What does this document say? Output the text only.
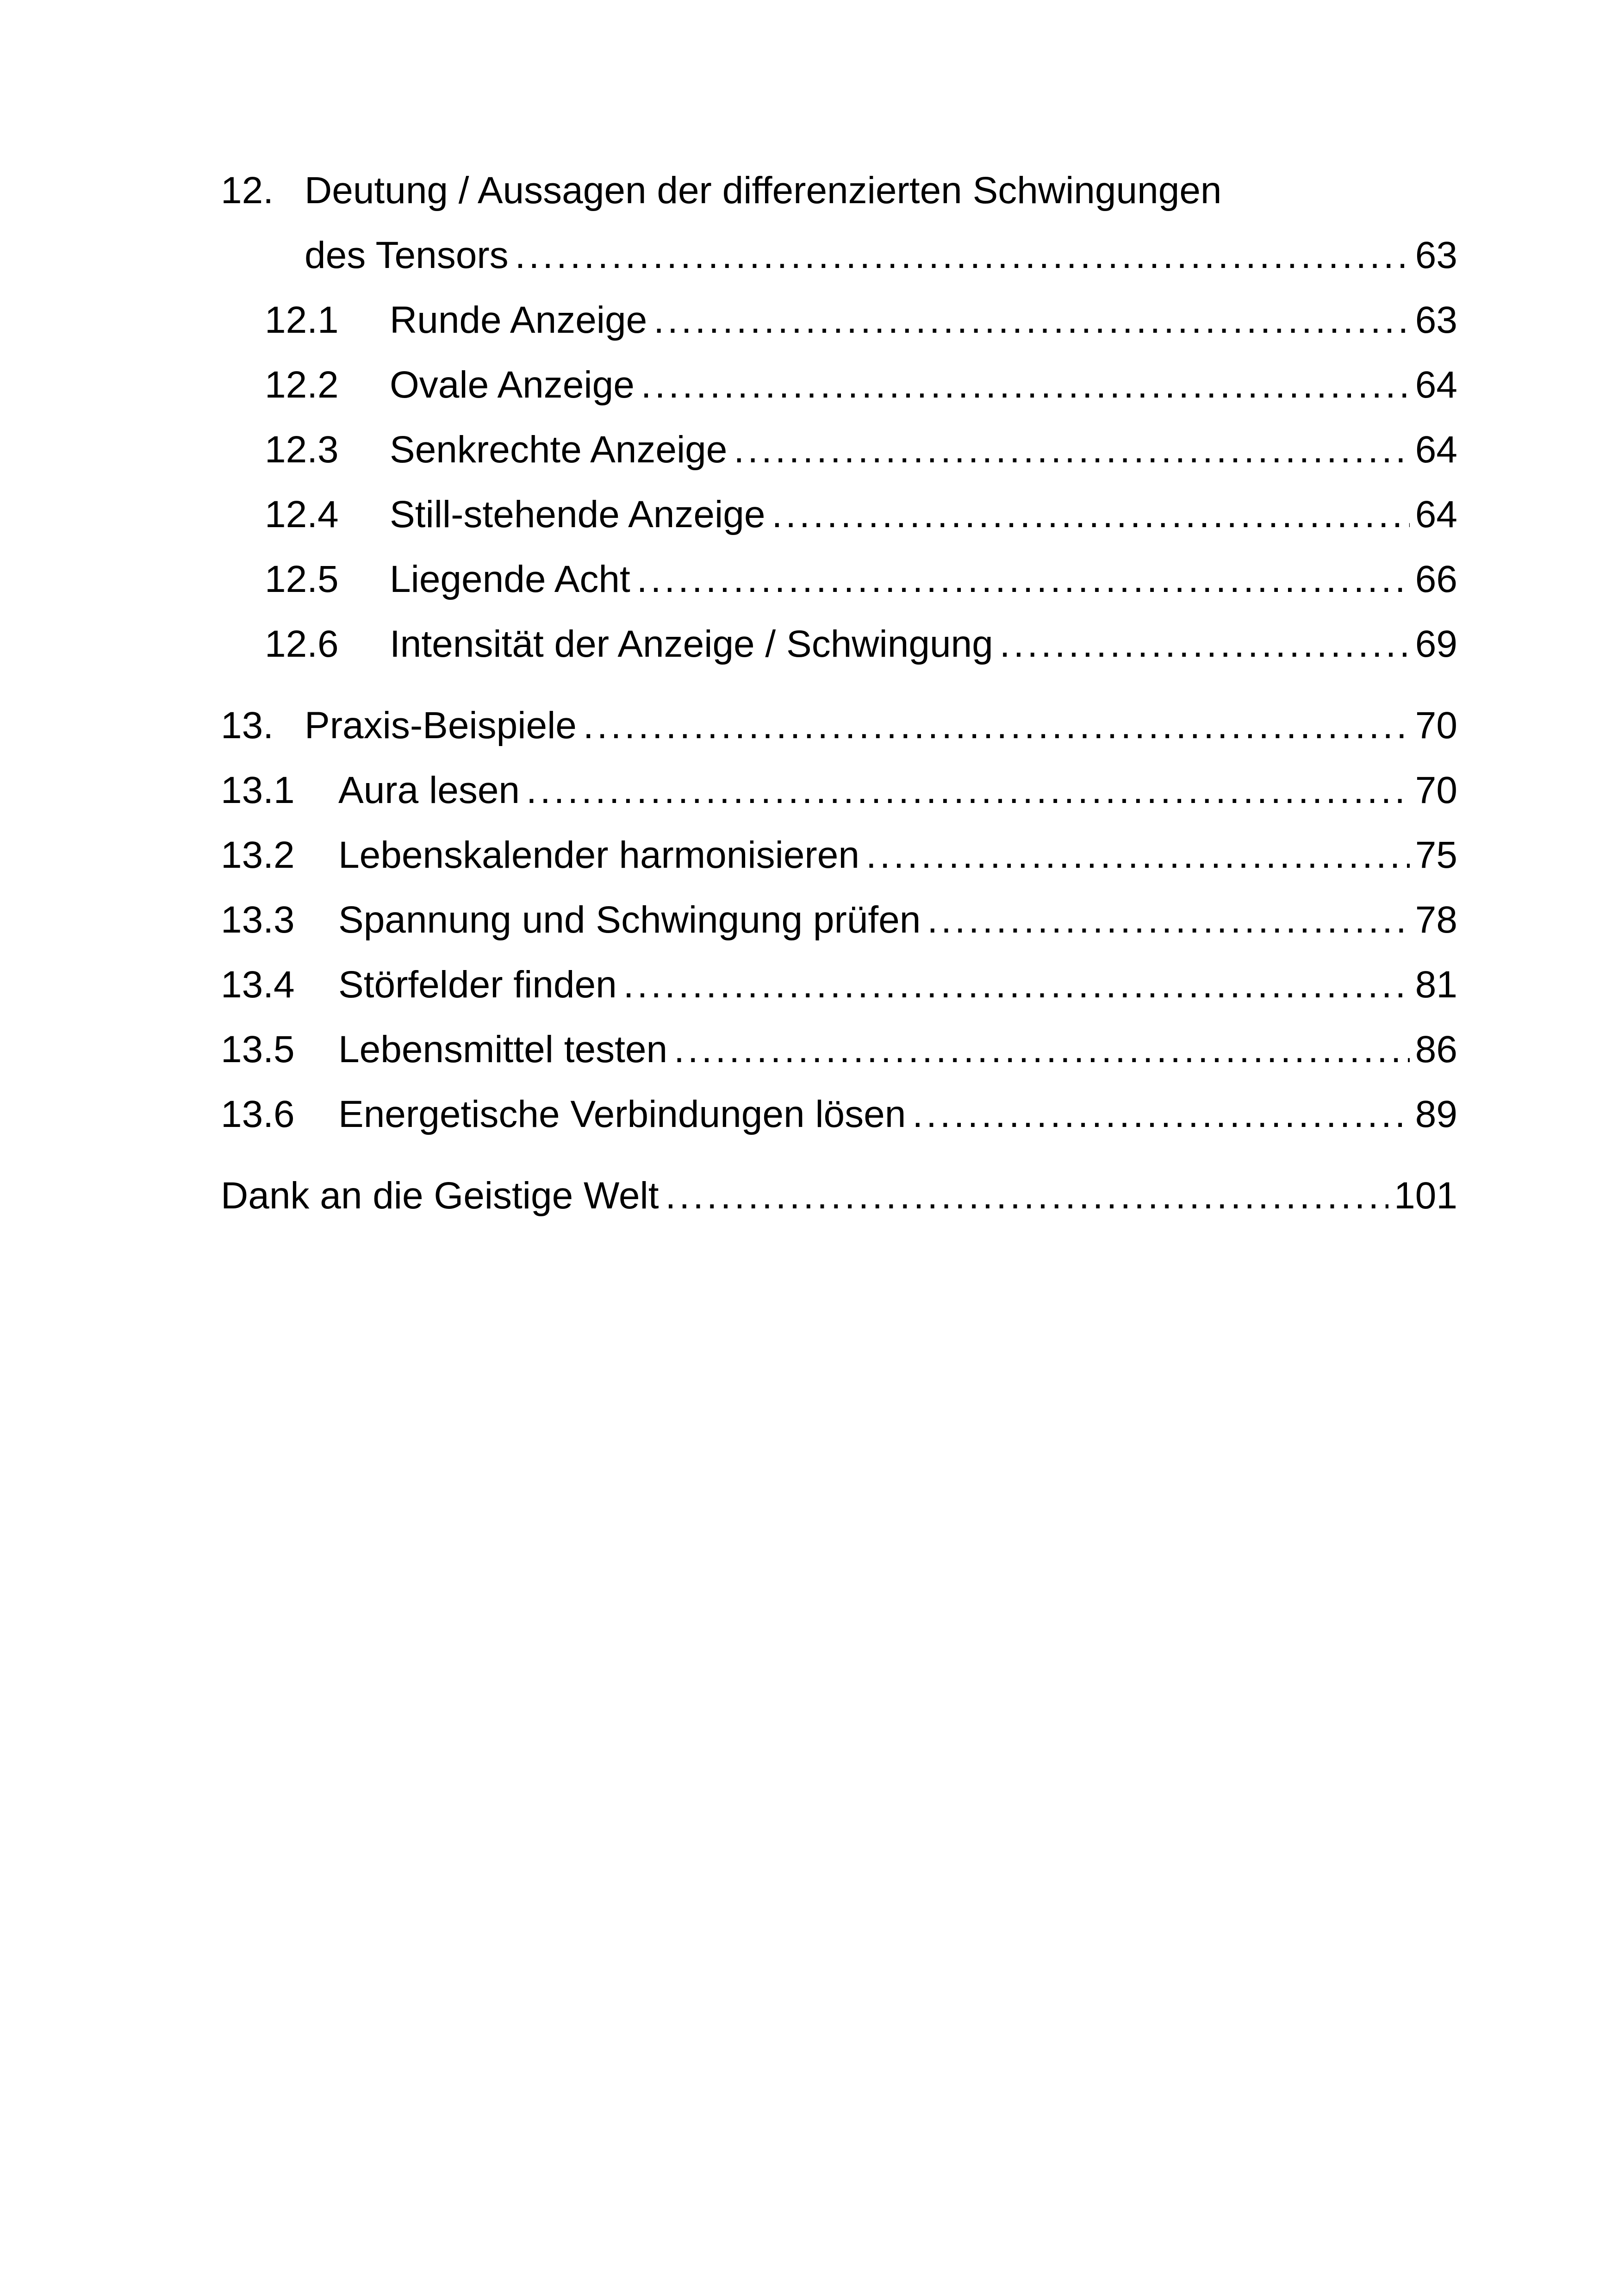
12. Deutung / Aussagen der differenzierten Schwingungen
des Tensors .....	63
12.1	Runde Anzeige .....	63
12.2	Ovale Anzeige .....	64
12.3	Senkrechte Anzeige .....	64
12.4	Still-stehende Anzeige .....	64
12.5	Liegende Acht .....	66
12.6	Intensität der Anzeige / Schwingung .....	69
13. Praxis-Beispiele .....	70
13.1	Aura lesen .....	70
13.2	Lebenskalender harmonisieren .....	75
13.3	Spannung und Schwingung prüfen .....	78
13.4	Störfelder finden .....	81
13.5	Lebensmittel testen .....	86
13.6	Energetische Verbindungen lösen .....	89
Dank an die Geistige Welt .....	101
